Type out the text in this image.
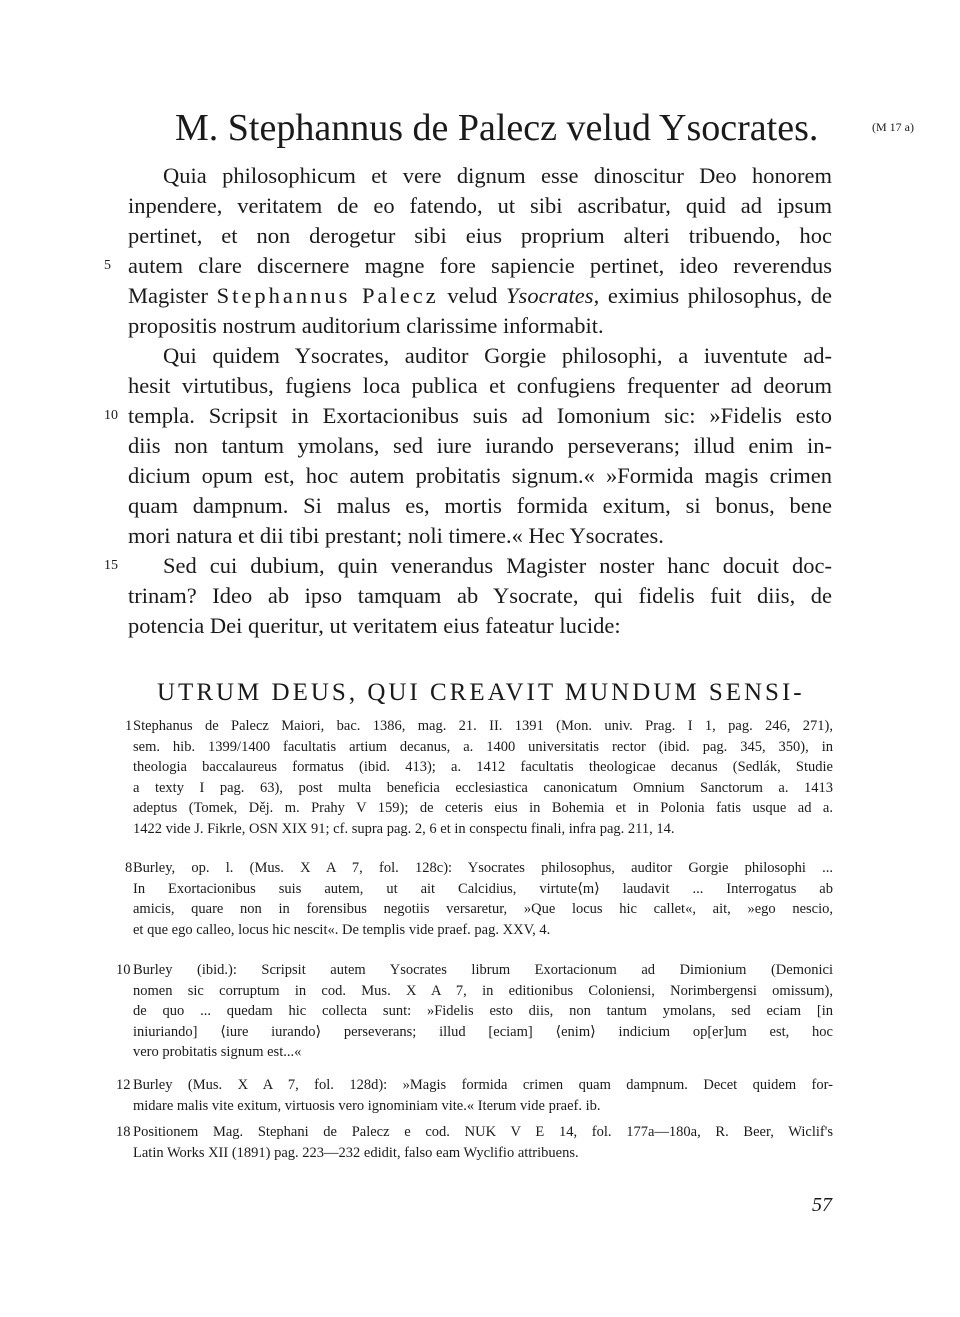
M. Stephannus de Palecz velud Ysocrates.	(M 17 a)
Quia philosophicum et vere dignum esse dinoscitur Deo honorem
inpendere, veritatem de eo fatendo, ut sibi ascribatur, quid ad ipsum
pertinet, et non derogetur sibi eius proprium alteri tribuendo, hoc
autem clare discernere magne fore sapiencie pertinet, ideo reverendus
5
Magister Stephannus Palecz velud Ysocrates, eximius philosophus, de
propositis nostrum auditorium clarissime informabit.
Qui quidem Ysocrates, auditor Gorgie philosophi, a iuventute ad-
hesit virtutibus, fugiens loca publica et confugiens frequenter ad deorum
templa. Scripsit in Exortacionibus suis ad Iomonium sic: »Fidelis esto
10
diis non tantum ymolans, sed iure iurando perseverans; illud enim in-
dicium opum est, hoc autem probitatis signum.« »Formida magis crimen
quam dampnum. Si malus es, mortis formida exitum, si bonus, bene
mori natura et dii tibi prestant; noli timere.« Hec Ysocrates.
Sed cui dubium, quin venerandus Magister noster hanc docuit doc-
15
trinam? Ideo ab ipso tamquam ab Ysocrate, qui fidelis fuit diis, de
potencia Dei queritur, ut veritatem eius fateatur lucide:
UTRUM DEUS, QUI CREAVIT MUNDUM SENSI-
1 Stephanus de Palecz Maiori, bac. 1386, mag. 21. II. 1391 (Mon. univ. Prag. I 1, pag. 246, 271),
sem. hib. 1399/1400 facultatis artium decanus, a. 1400 universitatis rector (ibid. pag. 345, 350), in
theologia baccalaureus formatus (ibid. 413); a. 1412 facultatis theologicae decanus (Sedlák, Studie
a texty I pag. 63), post multa beneficia ecclesiastica canonicatum Omnium Sanctorum a. 1413
adeptus (Tomek, Děj. m. Prahy V 159); de ceteris eius in Bohemia et in Polonia fatis usque ad a.
1422 vide J. Fikrle, OSN XIX 91; cf. supra pag. 2, 6 et in conspectu finali, infra pag. 211, 14.
8 Burley, op. l. (Mus. X A 7, fol. 128c): Ysocrates philosophus, auditor Gorgie philosophi ...
In Exortacionibus suis autem, ut ait Calcidius, virtute⟨m⟩ laudavit ... Interrogatus ab
amicis, quare non in forensibus negotiis versaretur, »Que locus hic callet«, ait, »ego nescio,
et que ego calleo, locus hic nescit«. De templis vide praef. pag. XXV, 4.
10 Burley (ibid.): Scripsit autem Ysocrates librum Exortacionum ad Dimionium (Demonici
nomen sic corruptum in cod. Mus. X A 7, in editionibus Coloniensi, Norimbergensi omissum),
de quo ... quedam hic collecta sunt: »Fidelis esto diis, non tantum ymolans, sed eciam [in
iniuriando] ⟨iure iurando⟩ perseverans; illud [eciam] ⟨enim⟩ indicium op[er]um est, hoc
vero probitatis signum est...«
12 Burley (Mus. X A 7, fol. 128d): »Magis formida crimen quam dampnum. Decet quidem for-
midare malis vite exitum, virtuosis vero ignominiam vite.« Iterum vide praef. ib.
18 Positionem Mag. Stephani de Palecz e cod. NUK V E 14, fol. 177a—180a, R. Beer, Wiclif's
Latin Works XII (1891) pag. 223—232 edidit, falso eam Wyclifio attribuens.
57
